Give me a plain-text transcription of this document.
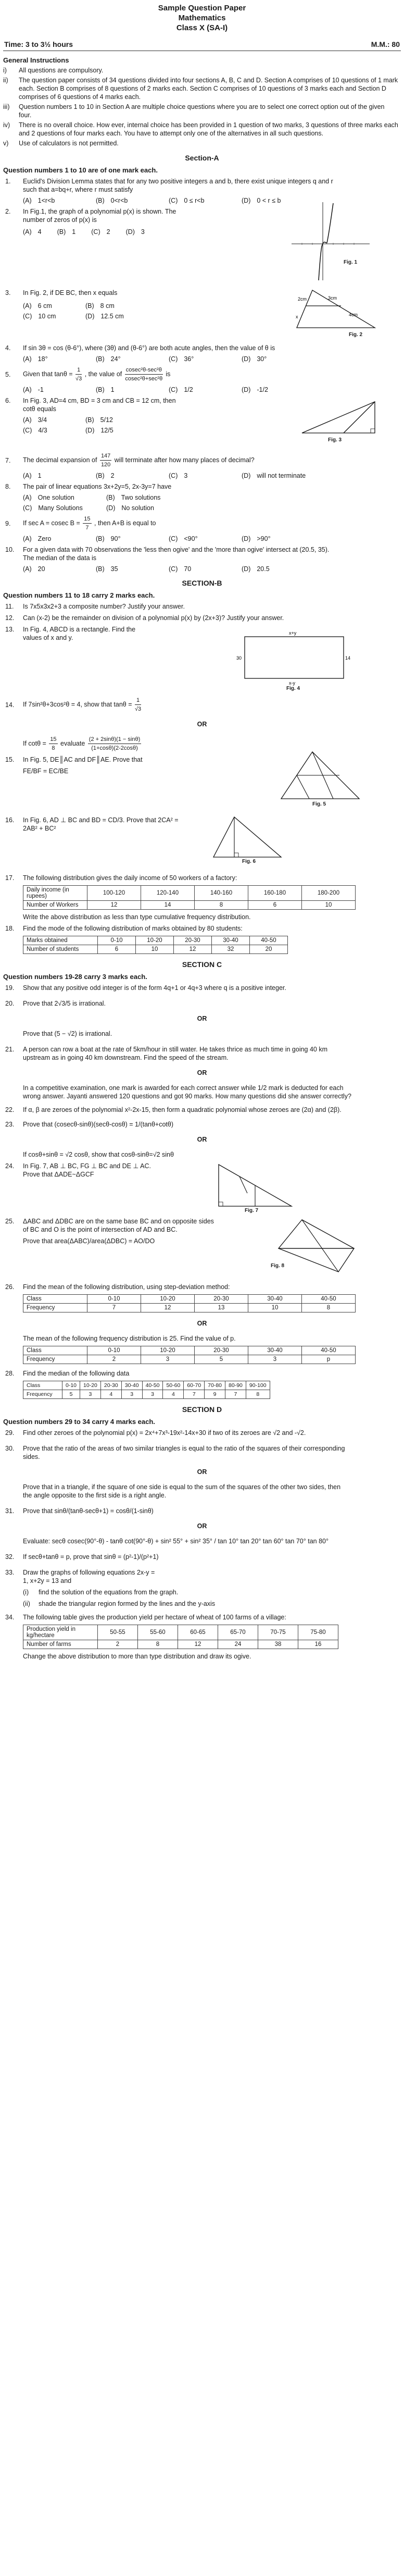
Sample Question Paper
Mathematics
Class X (SA-I)
Time: 3 to 3½ hours	M.M.: 80
General Instructions
i)	All questions are compulsory.
ii)	The question paper consists of 34 questions divided into four sections A, B, C and D. Section A comprises of 10 questions of 1 mark each. Section B comprises of 8 questions of 2 marks each. Section C comprises of 10 questions of 3 marks each and Section D comprises of 6 questions of 4 marks each.
iii)	Question numbers 1 to 10 in Section A are multiple choice questions where you are to select one correct option out of the given four.
iv)	There is no overall choice. How ever, internal choice has been provided in 1 question of two marks, 3 questions of three marks each and 2 questions of four marks each. You have to attempt only one of the alternatives in all such questions.
v)	Use of calculators is not permitted.
Section-A
Question numbers 1 to 10 are of one mark each.
1.	Euclid's Division Lemma states that for any two positive integers a and b, there exist unique integers q and r such that a=bq+r, where r must satisfy
(A) 1<r<b	(B) 0<r<b	(C) 0 ≤ r<b	(D) 0 < r ≤ b
2.	In Fig.1, the graph of a polynomial p(x) is shown. The number of zeros of p(x) is
(A) 4 (B) 1 (C) 2 (D) 3
Fig. 1
3.	In Fig. 2, if DE BC, then x equals
(A) 6 cm	(B) 8 cm
(C) 10 cm	(D) 12.5 cm
2cm
x
3cm
4cm
Fig. 2
4.	If sin 3θ = cos (θ-6°), where (3θ) and (θ-6°) are both acute angles, then the value of θ is
(A) 18°	(B) 24°	(C) 36°	(D) 30°
5.	Given that $\tan\theta = \frac{1}{√3}$ , the value of $\frac{\text{cosec²θ-sec²θ}}{\text{cosec²θ+sec²θ}}$ is
(A) -1	(B) 1	(C) 1/2	(D) -1/2
6.	In Fig. 3, AD=4 cm, BD = 3 cm and CB = 12 cm, then cotθ equals
(A) 3/4	(B) 5/12
(C) 4/3	(D) 12/5
Fig. 3
7.	The decimal expansion of $\frac{147}{120}$ will terminate after how many places of decimal?
(A) 1	(B) 2	(C) 3	(D) will not terminate
8.	The pair of linear equations 3x+2y=5, 2x-3y=7 have
(A) One solution	(B) Two solutions
(C) Many Solutions	(D) No solution
9.	If sec A = cosec $B = \frac{15}{7}$ , then A+B is equal to
(A) Zero	(B) 90°	(C) <90°	(D) >90°
10.	For a given data with 70 observations the 'less then ogive' and the 'more than ogive' intersect at (20.5, 35). The median of the data is
(A) 20	(B) 35	(C) 70	(D) 20.5
SECTION-B
Question numbers 11 to 18 carry 2 marks each.
11.	Is 7x5x3x2+3 a composite number? Justify your answer.
12.	Can (x-2) be the remainder on division of a polynomial p(x) by (2x+3)? Justify your answer.
13.	In Fig. 4, ABCD is a rectangle. Find the values of x and y.
x+y
x-y
30	14
Fig. 4
14.	If 7sin²θ+3cos²θ = 4, show that $\tan\theta = \frac{1}{√3}$
OR
If $\cot\theta = \frac{15}{8}$ evaluate $\frac{(2 + 2\sin\theta)(1 - \sin\theta)}{(1+\cos\theta)(2-2\cos\theta)}$
15.	In Fig. 5, DE║AC and DF║AE. Prove that
FE/BF = EC/BE
Fig. 5
16.	In Fig. 6, AD ⊥ BC and BD = CD/3. Prove that 2CA² = 2AB² + BC²
Fig. 6
17.	The following distribution gives the daily income of 50 workers of a factory:
Daily income (in rupees)	100-120	120-140	140-160	160-180	180-200
Number of Workers	12	14	8	6	10
Write the above distribution as less than type cumulative frequency distribution.
18.	Find the mode of the following distribution of marks obtained by 80 students:
Marks obtained	0-10	10-20	20-30	30-40	40-50
Number of students	6	10	12	32	20
SECTION C
Question numbers 19-28 carry 3 marks each.
19.	Show that any positive odd integer is of the form 4q+1 or 4q+3 where q is a positive integer.
20.	Prove that 2√3/5 is irrational.
OR
Prove that (5 − √2) is irrational.
21.	A person can row a boat at the rate of 5km/hour in still water. He takes thrice as much time in going 40 km upstream as in going 40 km downstream. Find the speed of the stream.
OR
In a competitive examination, one mark is awarded for each correct answer while 1/2 mark is deducted for each wrong answer. Jayanti answered 120 questions and got 90 marks. How many questions did she answer correctly?
22.	If α, β are zeroes of the polynomial x²-2x-15, then form a quadratic polynomial whose zeroes are (2α) and (2β).
23.	Prove that (cosecθ-sinθ)(secθ-cosθ) = 1/(tanθ+cotθ)
OR
If cosθ+sinθ = √2 cosθ, show that cosθ-sinθ=√2 sinθ
24.	In Fig. 7, AB ⊥ BC, FG ⊥ BC and DE ⊥ AC. Prove that ΔADE~ΔGCF
Fig. 7
25.	ΔABC and ΔDBC are on the same base BC and on opposite sides of BC and O is the point of intersection of AD and BC.
Prove that area(ΔABC)/area(ΔDBC) = AO/DO
Fig. 8
26.	Find the mean of the following distribution, using step-deviation method:
Class	0-10	10-20	20-30	30-40	40-50
Frequency	7	12	13	10	8
OR
The mean of the following frequency distribution is 25. Find the value of p.
Class	0-10	10-20	20-30	30-40	40-50
Frequency	2	3	5	3	p
28.	Find the median of the following data
Class	0-10	10-20	20-30	30-40	40-50	50-60	60-70	70-80	80-90	90-100
Frequency	5	3	4	3	3	4	7	9	7	8
SECTION D
Question numbers 29 to 34 carry 4 marks each.
29.	Find other zeroes of the polynomial p(x) = 2x⁴+7x³-19x²-14x+30 if two of its zeroes are √2 and -√2.
30.	Prove that the ratio of the areas of two similar triangles is equal to the ratio of the squares of their corresponding sides.
OR
Prove that in a triangle, if the square of one side is equal to the sum of the squares of the other two sides, then the angle opposite to the first side is a right angle.
31.	Prove that sinθ/(tanθ-secθ+1) = cosθ/(1-sinθ)
OR
Evaluate: secθ cosec(90°-θ) - tanθ cot(90°-θ) + sin² 55° + sin² 35° / tan 10° tan 20° tan 60° tan 70° tan 80°
32.	If secθ+tanθ = p, prove that sinθ = (p²-1)/(p²+1)
33.	Draw the graphs of following equations 2x-y = 1, x+2y = 13 and
(i)	find the solution of the equations from the graph.
(ii)	shade the triangular region formed by the lines and the y-axis
34.	The following table gives the production yield per hectare of wheat of 100 farms of a village:
Production yield in kg/hectare	50-55	55-60	60-65	65-70	70-75	75-80
Number of farms	2	8	12	24	38	16
Change the above distribution to more than type distribution and draw its ogive.
